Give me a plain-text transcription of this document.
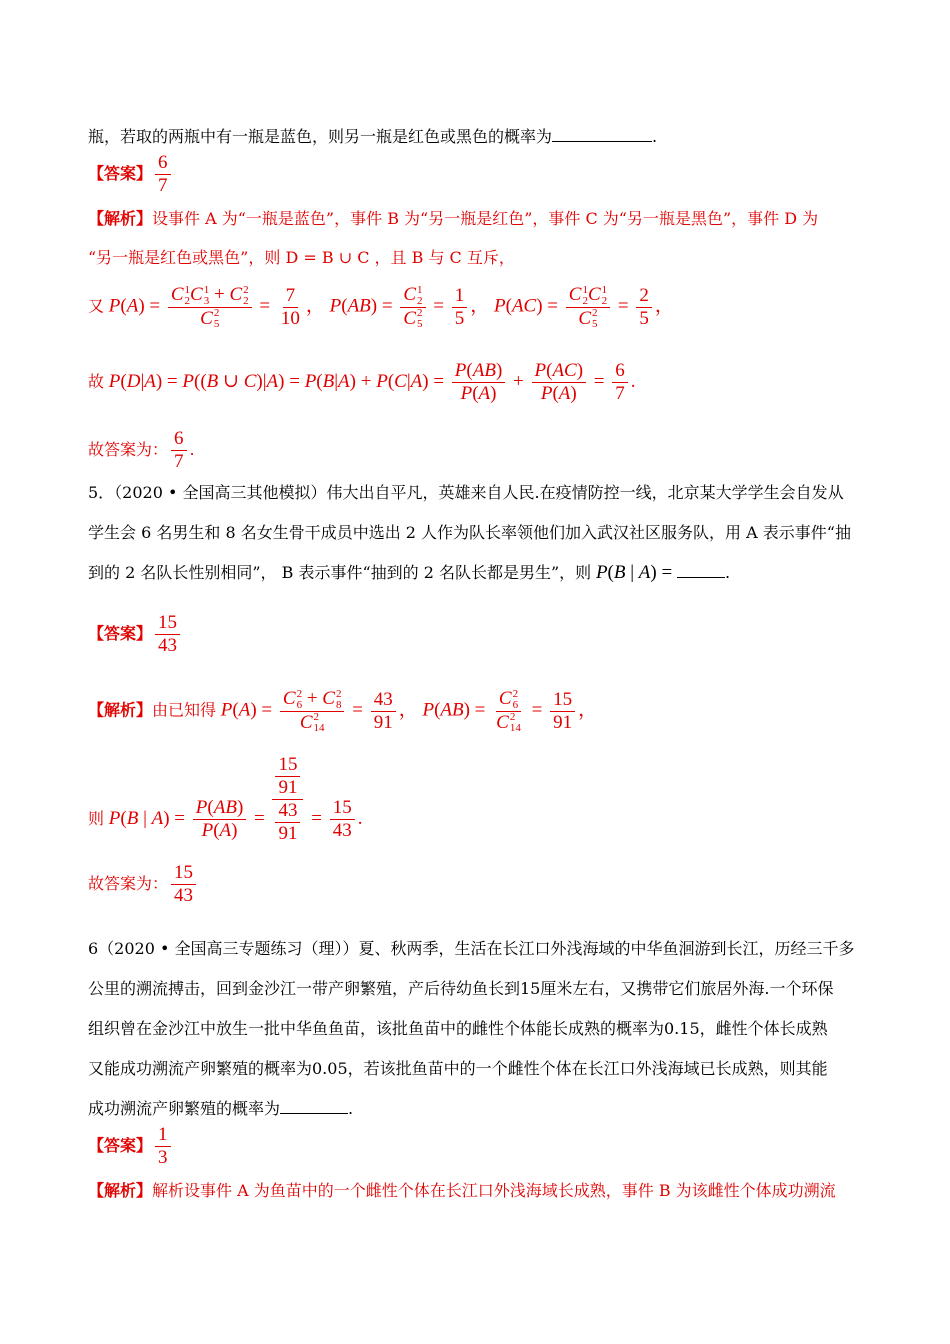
瓶，若取的两瓶中有一瓶是蓝色，则另一瓶是红色或黑色的概率为	.
【答案】 $\frac{6}{7}$
【解析】设事件 A 为“一瓶是蓝色”，事件 B 为“另一瓶是红色”，事件 C 为“另一瓶是黑色”，事件 D 为
“另一瓶是红色或黑色”，则 D = B ∪ C ，且 B 与 C 互斥，
又 P(A) = C 1
2 C 1
3 + C 2
2
C 2
$5 = \frac{7}{10}$ ， P(AB) = C 1
2
C 2
$5 = \frac{1}{5}$ ， P(AC) = C 1
2 C 1
2
C 2
$5 = \frac{2}{5}$ ，
故 P(D|A) = P((B ∪ $C)|A) = P(B|A) + P(C|A) = \frac{P(AB)}{P(A)} + \frac{P(AC)}{P(A)} = \frac{6}{7}$ .
故答案为： $\frac{6}{7}$ .
5．（2020 • 全国高三其他模拟）伟大出自平凡，英雄来自人民.在疫情防控一线，北京某大学学生会自发从
学生会 6 名男生和 8 名女生骨干成员中选出 2 人作为队长率领他们加入武汉社区服务队，用 A 表示事件“抽
到的 2 名队长性别相同”， B 表示事件“抽到的 2 名队长都是男生”，则 P(B | A) =	.
【答案】 $\frac{15}{43}$
【解析】由已知得 P(A) = C 2
6 + C 2
8
C 2
$14 = \frac{43}{91}$ ， P(AB) = C 2
6
C 2
$14 = \frac{15}{91}$ ，
$_则$ P(B | $A) = \frac{P(AB)}{P(A)} = \frac{\frac{15}{91}}{\frac{43}{91}} = \frac{15}{43}$ .
故答案为： $\frac{15}{43}$
6（2020 • 全国高三专题练习（理））夏、秋两季，生活在长江口外浅海域的中华鱼洄游到长江，历经三千多
公里的溯流搏击，回到金沙江一带产卵繁殖，产后待幼鱼长到15厘米左右，又携带它们旅居外海.一个环保
组织曾在金沙江中放生一批中华鱼鱼苗，该批鱼苗中的雌性个体能长成熟的概率为0.15，雌性个体长成熟
又能成功溯流产卵繁殖的概率为0.05，若该批鱼苗中的一个雌性个体在长江口外浅海域已长成熟，则其能
成功溯流产卵繁殖的概率为	.
【答案】 $\frac{1}{3}$
【解析】解析设事件 A 为鱼苗中的一个雌性个体在长江口外浅海域长成熟，事件 B 为该雌性个体成功溯流
